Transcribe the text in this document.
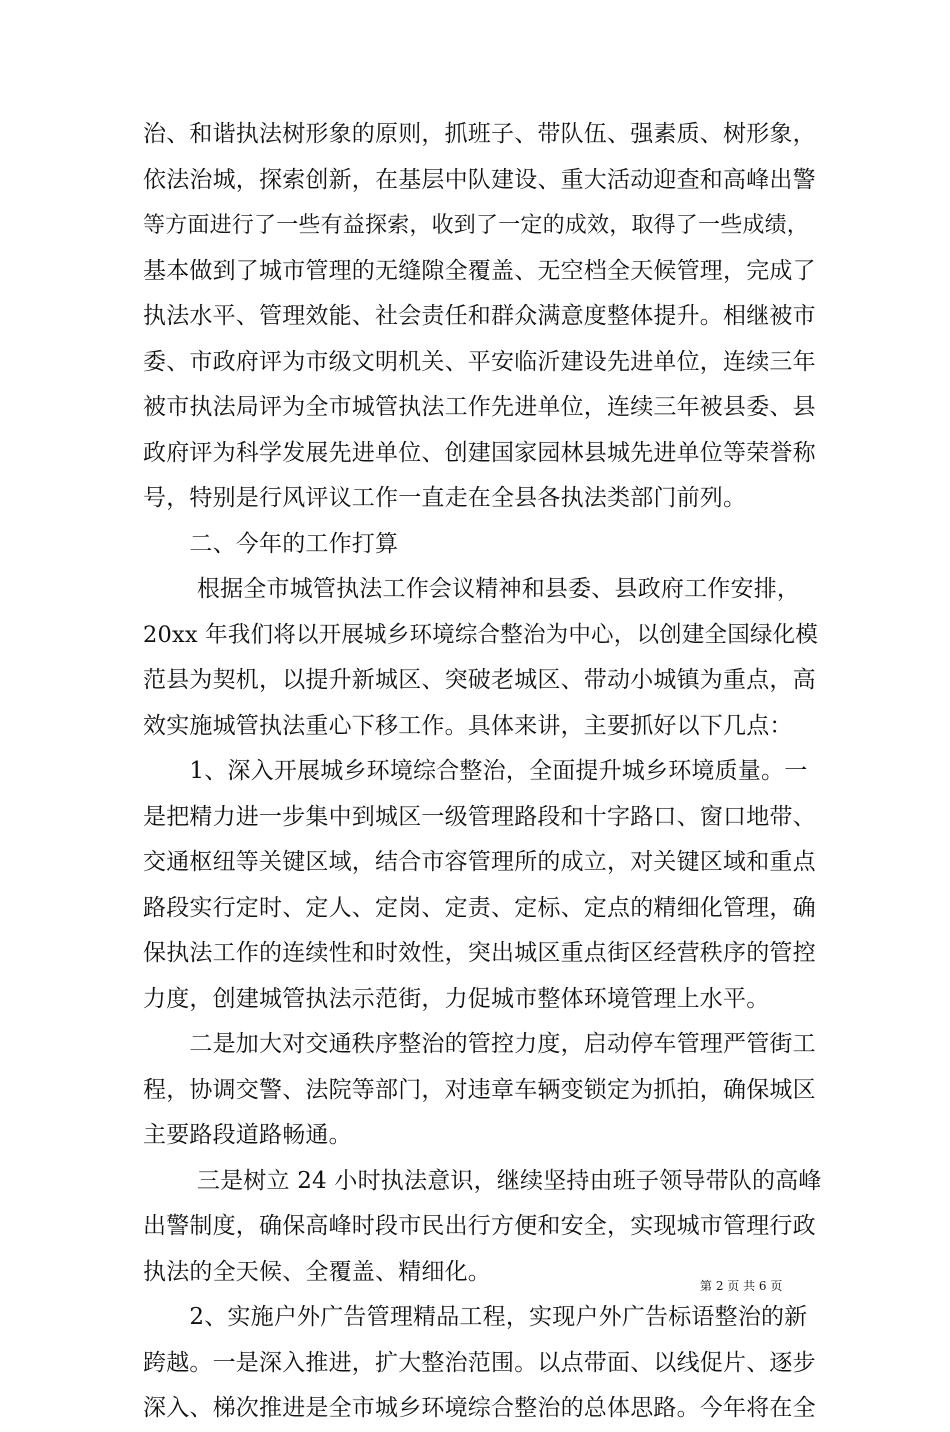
治、和谐执法树形象的原则，抓班子、带队伍、强素质、树形象，
依法治城，探索创新，在基层中队建设、重大活动迎查和高峰出警
等方面进行了一些有益探索，收到了一定的成效，取得了一些成绩，
基本做到了城市管理的无缝隙全覆盖、无空档全天候管理，完成了
执法水平、管理效能、社会责任和群众满意度整体提升。相继被市
委、市政府评为市级文明机关、平安临沂建设先进单位，连续三年
被市执法局评为全市城管执法工作先进单位，连续三年被县委、县
政府评为科学发展先进单位、创建国家园林县城先进单位等荣誉称
号，特别是行风评议工作一直走在全县各执法类部门前列。
　　二、今年的工作打算
　　 根据全市城管执法工作会议精神和县委、县政府工作安排，
20xx 年我们将以开展城乡环境综合整治为中心，以创建全国绿化模
范县为契机，以提升新城区、突破老城区、带动小城镇为重点，高
效实施城管执法重心下移工作。具体来讲，主要抓好以下几点：
　　1、深入开展城乡环境综合整治，全面提升城乡环境质量。一
是把精力进一步集中到城区一级管理路段和十字路口、窗口地带、
交通枢纽等关键区域，结合市容管理所的成立，对关键区域和重点
路段实行定时、定人、定岗、定责、定标、定点的精细化管理，确
保执法工作的连续性和时效性，突出城区重点街区经营秩序的管控
力度，创建城管执法示范街，力促城市整体环境管理上水平。
　　二是加大对交通秩序整治的管控力度，启动停车管理严管街工
程，协调交警、法院等部门，对违章车辆变锁定为抓拍，确保城区
主要路段道路畅通。
　　 三是树立 24 小时执法意识，继续坚持由班子领导带队的高峰
出警制度，确保高峰时段市民出行方便和安全，实现城市管理行政
执法的全天候、全覆盖、精细化。
　　2、实施户外广告管理精品工程，实现户外广告标语整治的新
跨越。一是深入推进，扩大整治范围。以点带面、以线促片、逐步
深入、梯次推进是全市城乡环境综合整治的总体思路。今年将在全
第 2 页 共 6 页
